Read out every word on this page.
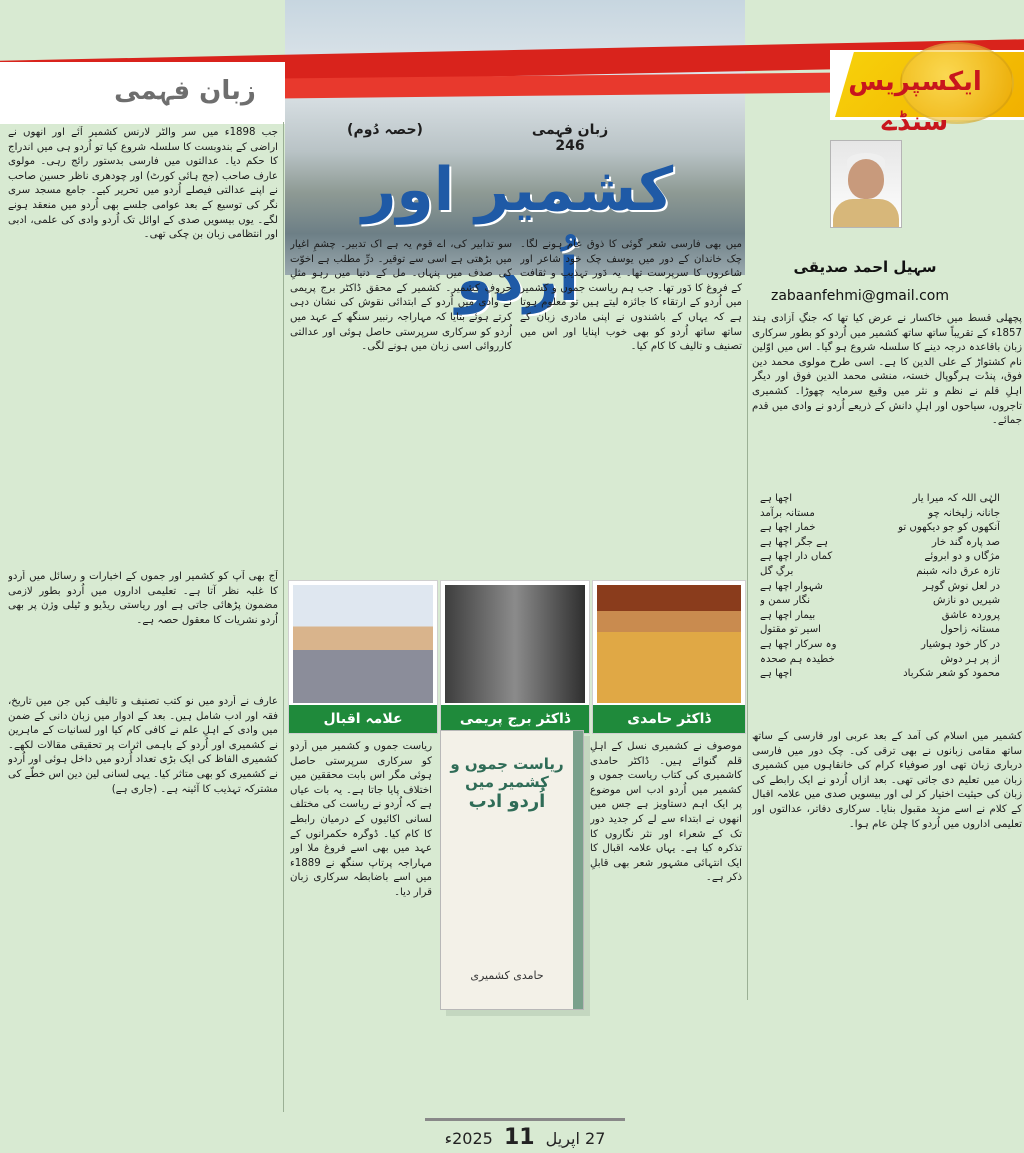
زبان فہمی	ایکسپریس سنڈے
زبان فہمی 246
(حصہ دُوم)
کشمیر اور اُردو	سہیل احمد صدیقی
zabaanfehmi@gmail.com
پچھلی قسط میں خاکسار نے عرض کیا تھا کہ جنگِ آزادی ہند 1857ء کے تقریباً ساتھ ساتھ کشمیر میں اُردو کو بطور سرکاری زبان باقاعدہ درجہ دینے کا سلسلہ شروع ہو گیا۔ اس میں اوّلین نام کشتواڑ کے علی الدین کا ہے۔ اسی طرح مولوی محمد دین فوق، پنڈت ہرگوپال خستہ، منشی محمد الدین فوق اور دیگر اہلِ قلم نے نظم و نثر میں وقیع سرمایہ چھوڑا۔ کشمیری تاجروں، سیاحوں اور اہلِ دانش کے ذریعے اُردو نے وادی میں قدم جمائے۔
الہٰی اللہ کہ میرا یار
اچھا ہے
جانانہ زلیخانہ چو
مستانہ برآمد
آنکھوں کو جو دیکھوں تو
خمار اچھا ہے
صد پارہ گند خار
ہے جگر اچھا ہے
مژگاں و دو ابروئے
کماں دار اچھا ہے
تازہ عرق دانہ شبنم
برگِ گل
در لعل نوش گوہر
شہوار اچھا ہے
شیریں دو نازش
نگار سمن و
پروردہ عاشق
بیمار اچھا ہے
مستانہ زاحول
اسیر تو مقتول
در کار خود ہوشیار
وہ سرکار اچھا ہے
از پر ہر دوش
خطیدہ ہم صحدہ
محمود کو شعر شکرباد
اچھا ہے
کشمیر میں اسلام کی آمد کے بعد عربی اور فارسی کے ساتھ ساتھ مقامی زبانوں نے بھی ترقی کی۔ چک دور میں فارسی درباری زبان تھی اور صوفیاء کرام کی خانقاہوں میں کشمیری زبان میں تعلیم دی جاتی تھی۔ بعد ازاں اُردو نے ایک رابطے کی زبان کی حیثیت اختیار کر لی اور بیسویں صدی میں علامہ اقبال کے کلام نے اسے مزید مقبول بنایا۔ سرکاری دفاتر، عدالتوں اور تعلیمی اداروں میں اُردو کا چلن عام ہوا۔
میں بھی فارسی شعر گوئی کا ذوق عام ہونے لگا۔ چک خاندان کے دور میں یوسف چک خود شاعر اور شاعروں کا سرپرست تھا۔ یہ دَور تہذیب و ثقافت کے فروغ کا دَور تھا۔ جب ہم ریاست جموں و کشمیر میں اُردو کے ارتقاء کا جائزہ لیتے ہیں تو معلوم ہوتا ہے کہ یہاں کے باشندوں نے اپنی مادری زبان کے ساتھ ساتھ اُردو کو بھی خوب اپنایا اور اس میں تصنیف و تالیف کا کام کیا۔
سو تدابیر کی، اے قوم یہ ہے اک تدبیر۔ چشمِ اغیار میں بڑھتی ہے اسی سے توقیر۔ درِّ مطلب ہے اخوّت کی صدف میں پنہاں۔ مل کے دنیا میں رہو مثلِ حروفِ کشمیر۔ کشمیر کے محقق ڈاکٹر برج پریمی نے وادی میں اُردو کے ابتدائی نقوش کی نشان دہی کرتے ہوئے بتایا کہ مہاراجہ رنبیر سنگھ کے عہد میں اُردو کو سرکاری سرپرستی حاصل ہوئی اور عدالتی کارروائی اسی زبان میں ہونے لگی۔
ڈاکٹر حامدی
ڈاکٹر برج پریمی
علامہ اقبال
موصوف نے کشمیری نسل کے اہلِ قلم گنوائے ہیں۔ ڈاکٹر حامدی کاشمیری کی کتاب ریاست جموں و کشمیر میں اُردو ادب اس موضوع پر ایک اہم دستاویز ہے جس میں انھوں نے ابتداء سے لے کر جدید دور تک کے شعراء اور نثر نگاروں کا تذکرہ کیا ہے۔ یہاں علامہ اقبال کا ایک انتہائی مشہور شعر بھی قابلِ ذکر ہے۔
ریاست جموں و کشمیر میں
اُردو ادب
حامدی کشمیری
ریاست جموں و کشمیر میں اُردو کو سرکاری سرپرستی حاصل ہوئی مگر اس بابت محققین میں اختلاف پایا جاتا ہے۔ یہ بات عیاں ہے کہ اُردو نے ریاست کی مختلف لسانی اکائیوں کے درمیان رابطے کا کام کیا۔ ڈوگرہ حکمرانوں کے عہد میں بھی اسے فروغ ملا اور مہاراجہ پرتاپ سنگھ نے 1889ء میں اسے باضابطہ سرکاری زبان قرار دیا۔
جب 1898ء میں سر والٹر لارنس کشمیر آئے اور انھوں نے اراضی کے بندوبست کا سلسلہ شروع کیا تو اُردو ہی میں اندراج کا حکم دیا۔ عدالتوں میں فارسی بدستور رائج رہی۔ مولوی عارف صاحب (جج ہائی کورٹ) اور چودھری ناظر حسین صاحب نے اپنے عدالتی فیصلے اُردو میں تحریر کیے۔ جامع مسجد سری نگر کی توسیع کے بعد عوامی جلسے بھی اُردو میں منعقد ہونے لگے۔ یوں بیسویں صدی کے اوائل تک اُردو وادی کی علمی، ادبی اور انتظامی زبان بن چکی تھی۔
آج بھی آپ کو کشمیر اور جموں کے اخبارات و رسائل میں اُردو کا غلبہ نظر آتا ہے۔ تعلیمی اداروں میں اُردو بطور لازمی مضمون پڑھائی جاتی ہے اور ریاستی ریڈیو و ٹیلی وژن پر بھی اُردو نشریات کا معقول حصہ ہے۔
عارف نے اُردو میں نو کتب تصنیف و تالیف کیں جن میں تاریخ، فقہ اور ادب شامل ہیں۔ بعد کے ادوار میں زبان دانی کے ضمن میں وادی کے اہلِ علم نے کافی کام کیا اور لسانیات کے ماہرین نے کشمیری اور اُردو کے باہمی اثرات پر تحقیقی مقالات لکھے۔ کشمیری الفاظ کی ایک بڑی تعداد اُردو میں داخل ہوئی اور اُردو نے کشمیری کو بھی متاثر کیا۔ یہی لسانی لین دین اس خطّے کی مشترکہ تہذیب کا آئینہ ہے۔ (جاری ہے)
27 اپریل 11 2025ء
